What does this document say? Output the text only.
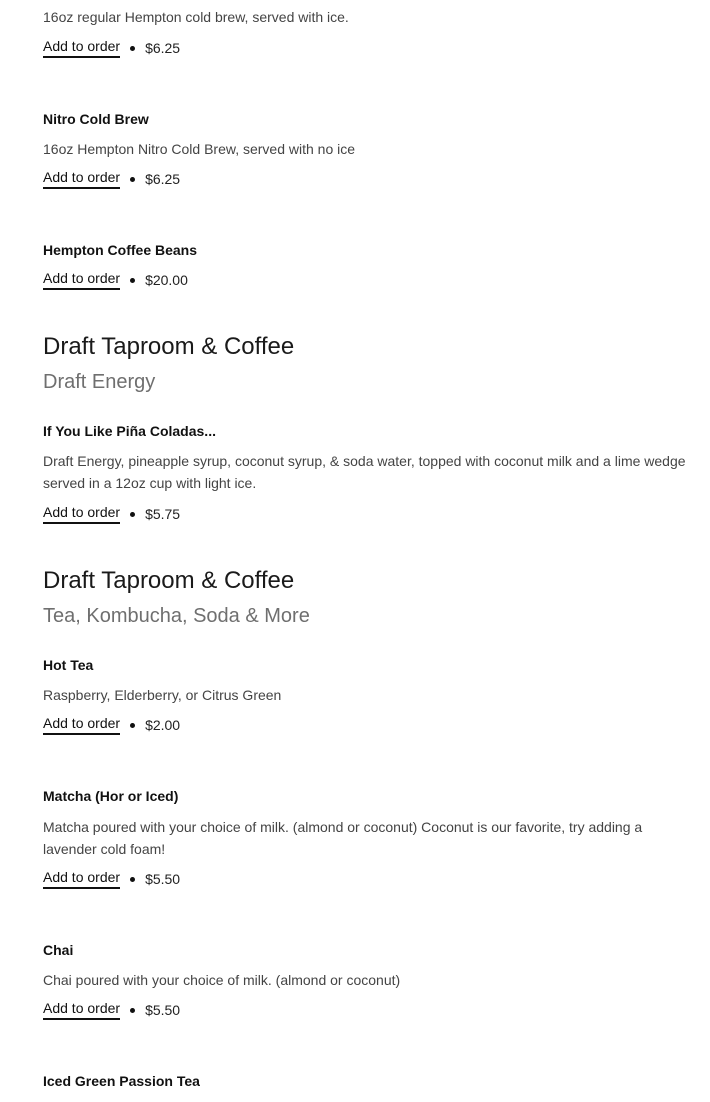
16oz regular Hempton cold brew, served with ice.
Add to order $6.25
Nitro Cold Brew
16oz Hempton Nitro Cold Brew, served with no ice
Add to order $6.25
Hempton Coffee Beans
Add to order $20.00
Draft Taproom & Coffee
Draft Energy
If You Like Piña Coladas...
Draft Energy, pineapple syrup, coconut syrup, & soda water, topped with coconut milk and a lime wedge served in a 12oz cup with light ice.
Add to order $5.75
Draft Taproom & Coffee
Tea, Kombucha, Soda & More
Hot Tea
Raspberry, Elderberry, or Citrus Green
Add to order $2.00
Matcha (Hor or Iced)
Matcha poured with your choice of milk. (almond or coconut) Coconut is our favorite, try adding a lavender cold foam!
Add to order $5.50
Chai
Chai poured with your choice of milk. (almond or coconut)
Add to order $5.50
Iced Green Passion Tea
